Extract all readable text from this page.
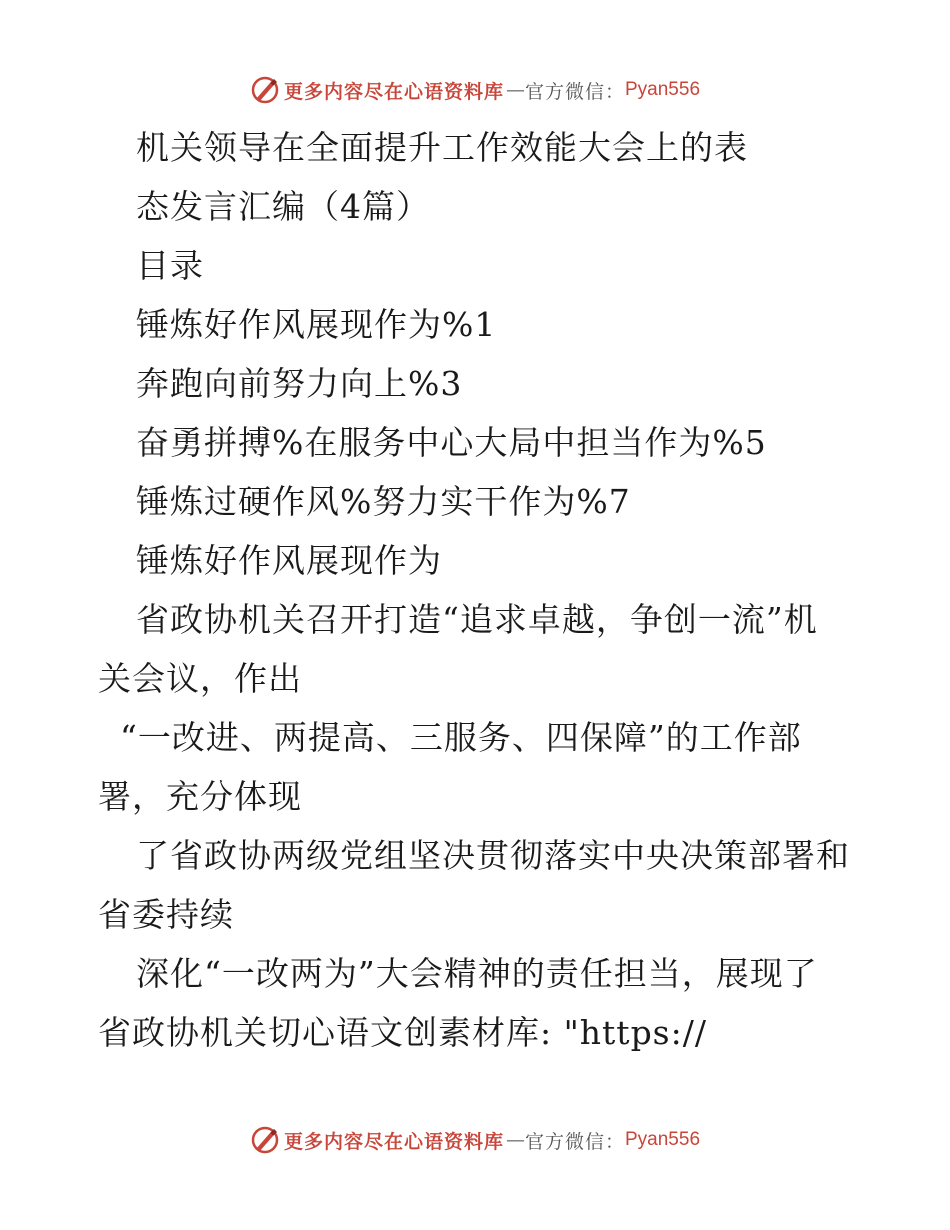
更多内容尽在心语资料库 — 官方微信： Pyan556
机关领导在全面提升工作效能大会上的表
态发言汇编（4篇）
目录
锤炼好作风展现作为%1
奔跑向前努力向上%3
奋勇拼搏%在服务中心大局中担当作为%5
锤炼过硬作风%努力实干作为%7
锤炼好作风展现作为
省政协机关召开打造“追求卓越，争创一流”机
关会议，作出
“一改进、两提高、三服务、四保障”的工作部
署，充分体现
了省政协两级党组坚决贯彻落实中央决策部署和
省委持续
深化“一改两为”大会精神的责任担当，展现了
省政协机关切心语文创素材库: "https://
更多内容尽在心语资料库 — 官方微信： Pyan556
